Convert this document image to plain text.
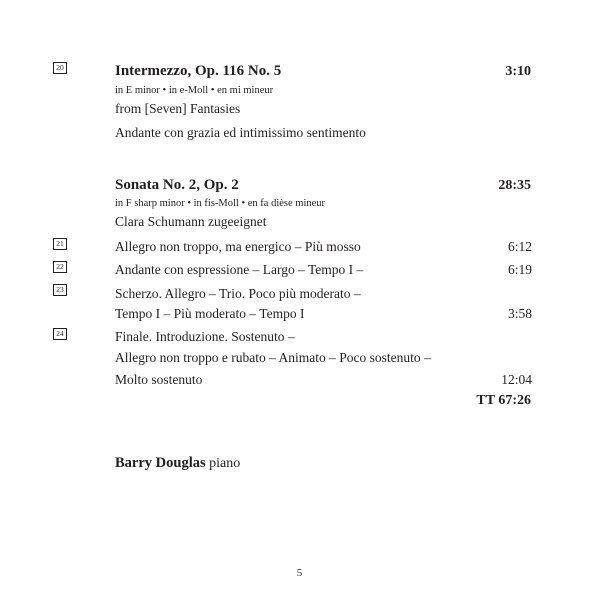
20	Intermezzo, Op. 116 No. 5	3:10
in E minor • in e-Moll • en mi mineur
from [Seven] Fantasies
Andante con grazia ed intimissimo sentimento
Sonata No. 2, Op. 2	28:35
in F sharp minor • in fis-Moll • en fa dièse mineur
Clara Schumann zugeeignet
21	Allegro non troppo, ma energico – Più mosso	6:12
22	Andante con espressione – Largo – Tempo I –	6:19
23	Scherzo. Allegro – Trio. Poco più moderato –
Tempo I – Più moderato – Tempo I	3:58
24	Finale. Introduzione. Sostenuto –
Allegro non troppo e rubato – Animato – Poco sostenuto –
Molto sostenuto	12:04
TT 67:26
Barry Douglas piano
5
